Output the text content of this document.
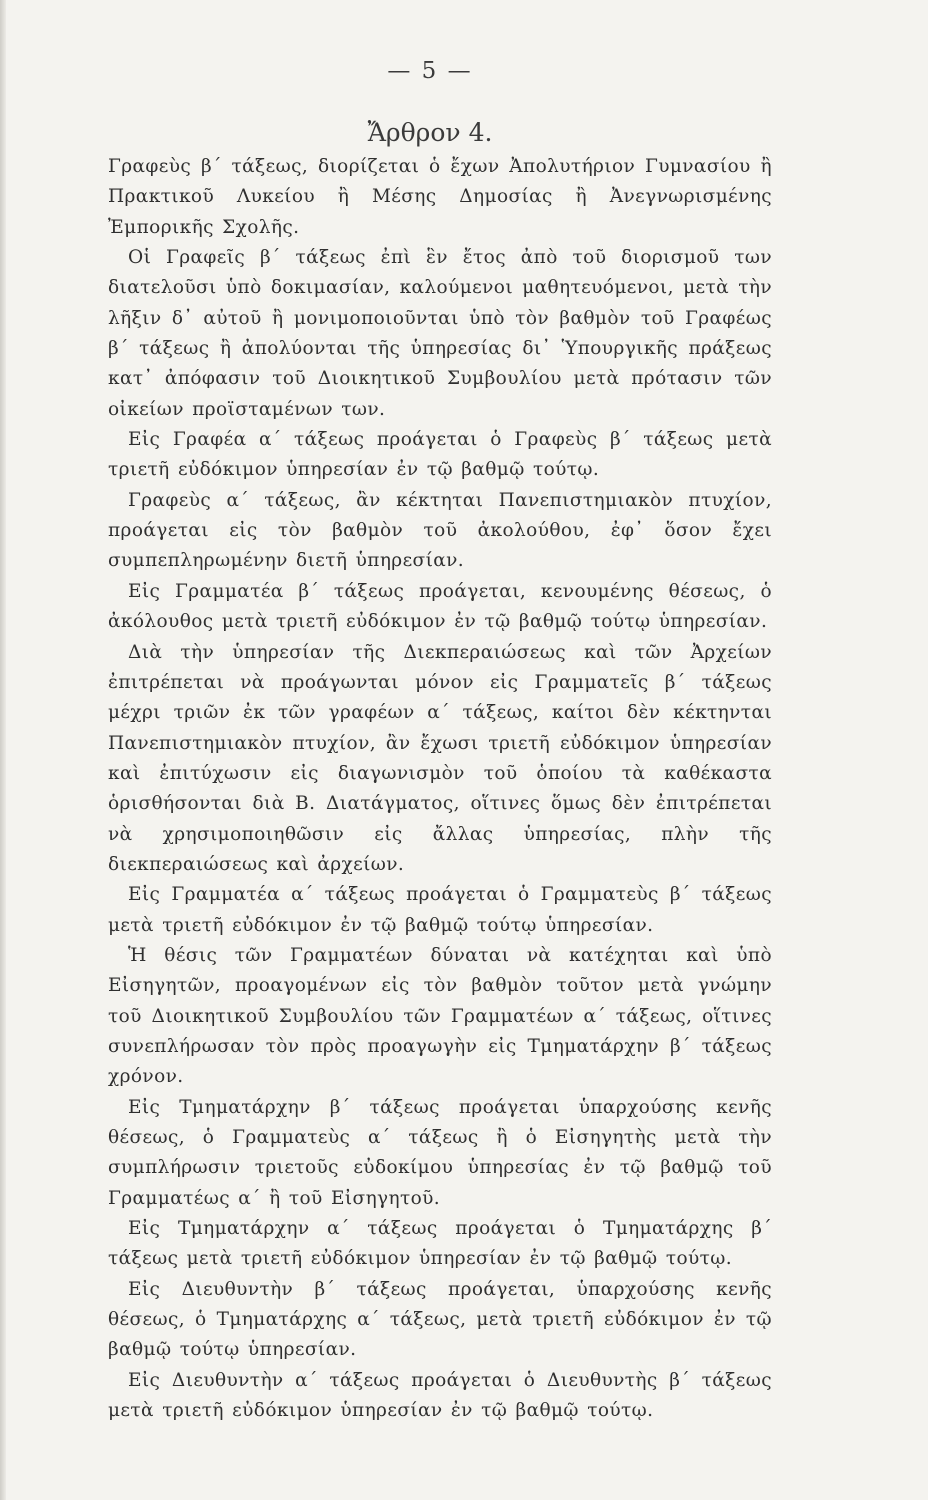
— 5 —
Ἄρθρον 4.

Γραφεὺς β΄ τάξεως, διορίζεται ὁ ἔχων Ἀπολυτήριον Γυμνασίου ἢ Πρακτικοῦ Λυκείου ἢ Μέσης Δημοσίας ἢ Ἀνεγνωρισμένης Ἐμπορικῆς Σχολῆς.

Οἱ Γραφεῖς β΄ τάξεως ἐπὶ ἓν ἔτος ἀπὸ τοῦ διορισμοῦ των διατελοῦσι ὑπὸ δοκιμασίαν, καλούμενοι μαθητευόμενοι, μετὰ τὴν λῆξιν δ᾽ αὐτοῦ ἢ μονιμοποιοῦνται ὑπὸ τὸν βαθμὸν τοῦ Γραφέως β΄ τάξεως ἢ ἀπολύονται τῆς ὑπηρεσίας δι᾽ Ὑπουργικῆς πράξεως κατ᾽ ἀπόφασιν τοῦ Διοικητικοῦ Συμβουλίου μετὰ πρότασιν τῶν οἰκείων προϊσταμένων των.

Εἰς Γραφέα α΄ τάξεως προάγεται ὁ Γραφεὺς β΄ τάξεως μετὰ τριετῆ εὐδόκιμον ὑπηρεσίαν ἐν τῷ βαθμῷ τούτῳ.

Γραφεὺς α΄ τάξεως, ἂν κέκτηται Πανεπιστημιακὸν πτυχίον, προάγεται εἰς τὸν βαθμὸν τοῦ ἀκολούθου, ἐφ᾽ ὅσον ἔχει συμπεπληρωμένην διετῆ ὑπηρεσίαν.

Εἰς Γραμματέα β΄ τάξεως προάγεται, κενουμένης θέσεως, ὁ ἀκόλουθος μετὰ τριετῆ εὐδόκιμον ἐν τῷ βαθμῷ τούτῳ ὑπηρεσίαν.

Διὰ τὴν ὑπηρεσίαν τῆς Διεκπεραιώσεως καὶ τῶν Ἀρχείων ἐπιτρέπεται νὰ προάγωνται μόνον εἰς Γραμματεῖς β΄ τάξεως μέχρι τριῶν ἐκ τῶν γραφέων α΄ τάξεως, καίτοι δὲν κέκτηνται Πανεπιστημιακὸν πτυχίον, ἂν ἔχωσι τριετῆ εὐδόκιμον ὑπηρεσίαν καὶ ἐπιτύχωσιν εἰς διαγωνισμὸν τοῦ ὁποίου τὰ καθέκαστα ὁρισθήσονται διὰ Β. Διατάγματος, οἵτινες ὅμως δὲν ἐπιτρέπεται νὰ χρησιμοποιηθῶσιν εἰς ἄλλας ὑπηρεσίας, πλὴν τῆς διεκπεραιώσεως καὶ ἀρχείων.

Εἰς Γραμματέα α΄ τάξεως προάγεται ὁ Γραμματεὺς β΄ τάξεως μετὰ τριετῆ εὐδόκιμον ἐν τῷ βαθμῷ τούτῳ ὑπηρεσίαν.

Ἡ θέσις τῶν Γραμματέων δύναται νὰ κατέχηται καὶ ὑπὸ Εἰσηγητῶν, προαγομένων εἰς τὸν βαθμὸν τοῦτον μετὰ γνώμην τοῦ Διοικητικοῦ Συμβουλίου τῶν Γραμματέων α΄ τάξεως, οἵτινες συνεπλήρωσαν τὸν πρὸς προαγωγὴν εἰς Τμηματάρχην β΄ τάξεως χρόνον.

Εἰς Τμηματάρχην β΄ τάξεως προάγεται ὑπαρχούσης κενῆς θέσεως, ὁ Γραμματεὺς α΄ τάξεως ἢ ὁ Εἰσηγητὴς μετὰ τὴν συμπλήρωσιν τριετοῦς εὐδοκίμου ὑπηρεσίας ἐν τῷ βαθμῷ τοῦ Γραμματέως α΄ ἢ τοῦ Εἰσηγητοῦ.

Εἰς Τμηματάρχην α΄ τάξεως προάγεται ὁ Τμηματάρχης β΄ τάξεως μετὰ τριετῆ εὐδόκιμον ὑπηρεσίαν ἐν τῷ βαθμῷ τούτῳ.

Εἰς Διευθυντὴν β΄ τάξεως προάγεται, ὑπαρχούσης κενῆς θέσεως, ὁ Τμηματάρχης α΄ τάξεως, μετὰ τριετῆ εὐδόκιμον ἐν τῷ βαθμῷ τούτῳ ὑπηρεσίαν.

Εἰς Διευθυντὴν α΄ τάξεως προάγεται ὁ Διευθυντὴς β΄ τάξεως μετὰ τριετῆ εὐδόκιμον ὑπηρεσίαν ἐν τῷ βαθμῷ τούτῳ.
